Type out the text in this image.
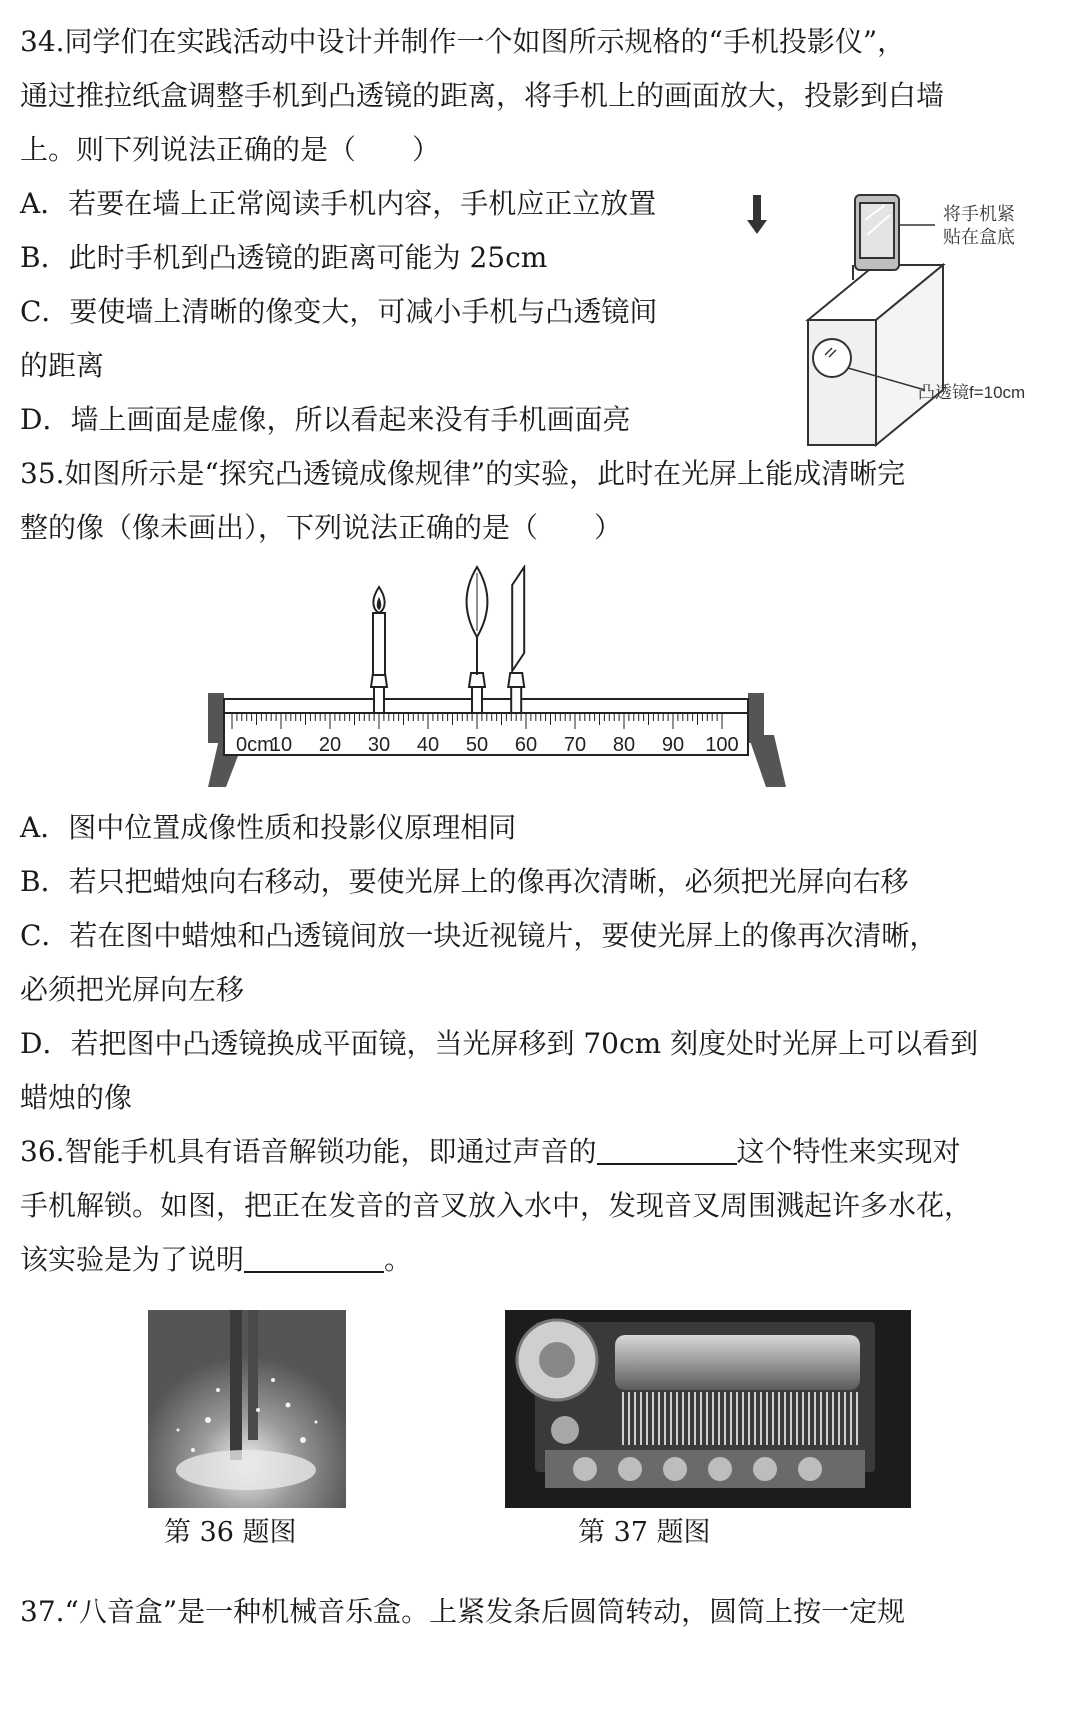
34.同学们在实践活动中设计并制作一个如图所示规格的“手机投影仪”，
通过推拉纸盒调整手机到凸透镜的距离，将手机上的画面放大，投影到白墙
上。则下列说法正确的是（　　）
A．若要在墙上正常阅读手机内容，手机应正立放置
B．此时手机到凸透镜的距离可能为 25cm
C．要使墙上清晰的像变大，可减小手机与凸透镜间
的距离
D．墙上画面是虚像，所以看起来没有手机画面亮
将手机紧
贴在盒底
凸透镜f=10cm
35.如图所示是“探究凸透镜成像规律”的实验，此时在光屏上能成清晰完
整的像（像未画出），下列说法正确的是（　　）
0cm
10 20 30 40 50 60 70 80 90 100
A．图中位置成像性质和投影仪原理相同
B．若只把蜡烛向右移动，要使光屏上的像再次清晰，必须把光屏向右移
C．若在图中蜡烛和凸透镜间放一块近视镜片，要使光屏上的像再次清晰，
必须把光屏向左移
D．若把图中凸透镜换成平面镜，当光屏移到 70cm 刻度处时光屏上可以看到
蜡烛的像
36.智能手机具有语音解锁功能，即通过声音的	这个特性来实现对
手机解锁。如图，把正在发音的音叉放入水中，发现音叉周围溅起许多水花，
该实验是为了说明	。
第 36 题图	第 37 题图
37.“八音盒”是一种机械音乐盒。上紧发条后圆筒转动，圆筒上按一定规
